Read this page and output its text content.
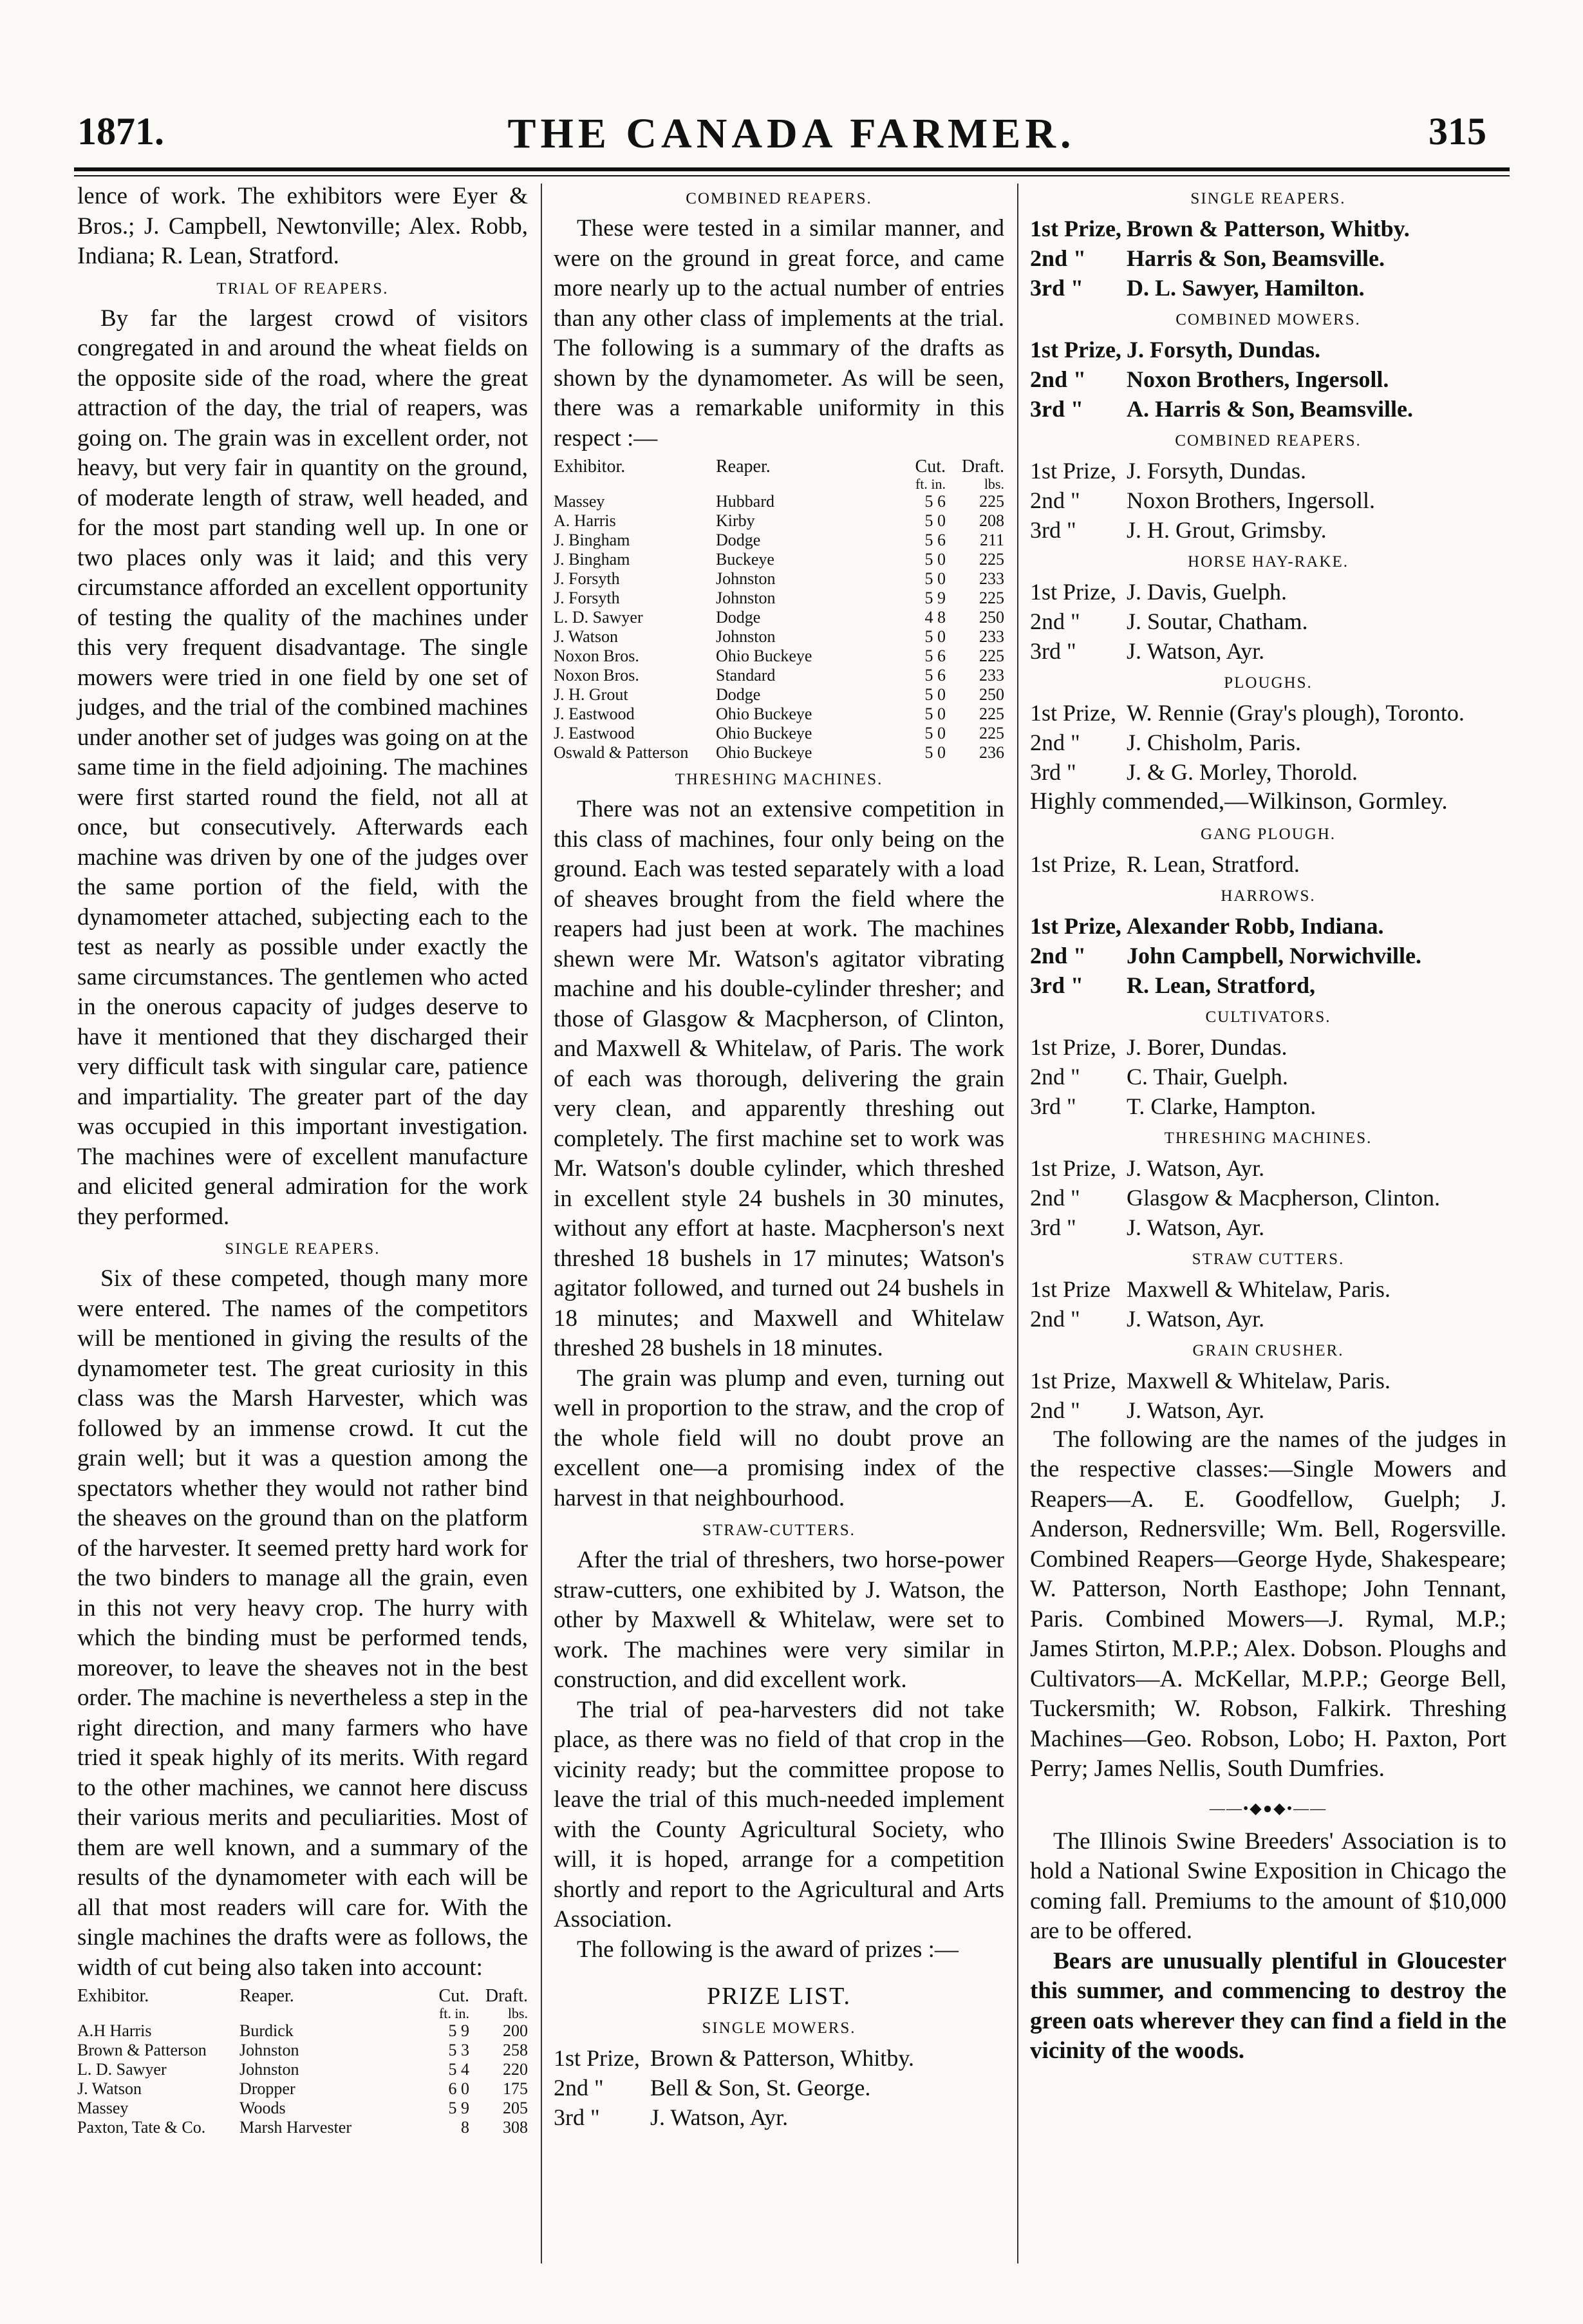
THE CANADA FARMER.
1871.	315

lence of work. The exhibitors were Eyer & Bros.; J. Campbell, Newtonville; Alex. Robb, Indiana; R. Lean, Stratford.

TRIAL OF REAPERS.

By far the largest crowd of visitors congregated in and around the wheat fields on the opposite side of the road, where the great attraction of the day, the trial of reapers, was going on. The grain was in excellent order, not heavy, but very fair in quantity on the ground, of moderate length of straw, well headed, and for the most part standing well up. In one or two places only was it laid; and this very circumstance afforded an excellent opportunity of testing the quality of the machines under this very frequent disadvantage. The single mowers were tried in one field by one set of judges, and the trial of the combined machines under another set of judges was going on at the same time in the field adjoining. The machines were first started round the field, not all at once, but consecutively. Afterwards each machine was driven by one of the judges over the same portion of the field, with the dynamometer attached, subjecting each to the test as nearly as possible under exactly the same circumstances. The gentlemen who acted in the onerous capacity of judges deserve to have it mentioned that they discharged their very difficult task with singular care, patience and impartiality. The greater part of the day was occupied in this important investigation. The machines were of excellent manufacture and elicited general admiration for the work they performed.

SINGLE REAPERS.

Six of these competed, though many more were entered. The names of the competitors will be mentioned in giving the results of the dynamometer test. The great curiosity in this class was the Marsh Harvester, which was followed by an immense crowd. It cut the grain well; but it was a question among the spectators whether they would not rather bind the sheaves on the ground than on the platform of the harvester. It seemed pretty hard work for the two binders to manage all the grain, even in this not very heavy crop. The hurry with which the binding must be performed tends, moreover, to leave the sheaves not in the best order. The machine is nevertheless a step in the right direction, and many farmers who have tried it speak highly of its merits. With regard to the other machines, we cannot here discuss their various merits and peculiarities. Most of them are well known, and a summary of the results of the dynamometer with each will be all that most readers will care for. With the single machines the drafts were as follows, the width of cut being also taken into account:

Exhibitor.	Reaper.	Cut. Draft.
ft. in.	lbs.
A.H Harris	Burdick	5 9	200
Brown & Patterson	Johnston	5 3	258
L. D. Sawyer	Johnston	5 4	220
J. Watson	Dropper	6 0	175
Massey	Woods	5 9	205
Paxton, Tate & Co.	Marsh Harvester	8	308
COMBINED REAPERS.

These were tested in a similar manner, and were on the ground in great force, and came more nearly up to the actual number of entries than any other class of implements at the trial. The following is a summary of the drafts as shown by the dynamometer. As will be seen, there was a remarkable uniformity in this respect :—

Exhibitor.	Reaper.	Cut. Draft.
ft. in.	lbs.
Massey	Hubbard	5 6	225
A. Harris	Kirby	5 0	208
J. Bingham	Dodge	5 6	211
J. Bingham	Buckeye	5 0	225
J. Forsyth	Johnston	5 0	233
J. Forsyth	Johnston	5 9	225
L. D. Sawyer	Dodge	4 8	250
J. Watson	Johnston	5 0	233
Noxon Bros.	Ohio Buckeye	5 6	225
Noxon Bros.	Standard	5 6	233
J. H. Grout	Dodge	5 0	250
J. Eastwood	Ohio Buckeye	5 0	225
J. Eastwood	Ohio Buckeye	5 0	225
Oswald & Patterson	Ohio Buckeye	5 0	236
THRESHING MACHINES.

There was not an extensive competition in this class of machines, four only being on the ground. Each was tested separately with a load of sheaves brought from the field where the reapers had just been at work. The machines shewn were Mr. Watson's agitator vibrating machine and his double-cylinder thresher; and those of Glasgow & Macpherson, of Clinton, and Maxwell & Whitelaw, of Paris. The work of each was thorough, delivering the grain very clean, and apparently threshing out completely. The first machine set to work was Mr. Watson's double cylinder, which threshed in excellent style 24 bushels in 30 minutes, without any effort at haste. Macpherson's next threshed 18 bushels in 17 minutes; Watson's agitator followed, and turned out 24 bushels in 18 minutes; and Maxwell and Whitelaw threshed 28 bushels in 18 minutes.

The grain was plump and even, turning out well in proportion to the straw, and the crop of the whole field will no doubt prove an excellent one—a promising index of the harvest in that neighbourhood.

STRAW-CUTTERS.

After the trial of threshers, two horse-power straw-cutters, one exhibited by J. Watson, the other by Maxwell & Whitelaw, were set to work. The machines were very similar in construction, and did excellent work.

The trial of pea-harvesters did not take place, as there was no field of that crop in the vicinity ready; but the committee propose to leave the trial of this much-needed implement with the County Agricultural Society, who will, it is hoped, arrange for a competition shortly and report to the Agricultural and Arts Association.

The following is the award of prizes :—

PRIZE LIST.
SINGLE MOWERS.
1st Prize, Brown & Patterson, Whitby.
2nd "	Bell & Son, St. George.
3rd "	J. Watson, Ayr.
SINGLE REAPERS.
1st Prize, Brown & Patterson, Whitby.
2nd "	Harris & Son, Beamsville.
3rd "	D. L. Sawyer, Hamilton.
COMBINED MOWERS.
1st Prize, J. Forsyth, Dundas.
2nd "	Noxon Brothers, Ingersoll.
3rd "	A. Harris & Son, Beamsville.
COMBINED REAPERS.
1st Prize, J. Forsyth, Dundas.
2nd "	Noxon Brothers, Ingersoll.
3rd "	J. H. Grout, Grimsby.
HORSE HAY-RAKE.
1st Prize, J. Davis, Guelph.
2nd "	J. Soutar, Chatham.
3rd "	J. Watson, Ayr.
PLOUGHS.
1st Prize, W. Rennie (Gray's plough), Toronto.
2nd "	J. Chisholm, Paris.
3rd "	J. & G. Morley, Thorold.

Highly commended,—Wilkinson, Gormley.

GANG PLOUGH.
1st Prize, R. Lean, Stratford.
HARROWS.
1st Prize, Alexander Robb, Indiana.
2nd "	John Campbell, Norwichville.
3rd "	R. Lean, Stratford,
CULTIVATORS.
1st Prize, J. Borer, Dundas.
2nd "	C. Thair, Guelph.
3rd "	T. Clarke, Hampton.
THRESHING MACHINES.
1st Prize, J. Watson, Ayr.
2nd "	Glasgow & Macpherson, Clinton.
3rd "	J. Watson, Ayr.
STRAW CUTTERS.
1st Prize Maxwell & Whitelaw, Paris.
2nd "	J. Watson, Ayr.
GRAIN CRUSHER.
1st Prize, Maxwell & Whitelaw, Paris.
2nd "	J. Watson, Ayr.

The following are the names of the judges in the respective classes:—Single Mowers and Reapers—A. E. Goodfellow, Guelph; J. Anderson, Rednersville; Wm. Bell, Rogersville. Combined Reapers—George Hyde, Shakespeare; W. Patterson, North Easthope; John Tennant, Paris. Combined Mowers—J. Rymal, M.P.; James Stirton, M.P.P.; Alex. Dobson. Ploughs and Cultivators—A. McKellar, M.P.P.; George Bell, Tuckersmith; W. Robson, Falkirk. Threshing Machines—Geo. Robson, Lobo; H. Paxton, Port Perry; James Nellis, South Dumfries.

——•◆●◆•——

The Illinois Swine Breeders' Association is to hold a National Swine Exposition in Chicago the coming fall. Premiums to the amount of $10,000 are to be offered.

Bears are unusually plentiful in Gloucester this summer, and commencing to destroy the green oats wherever they can find a field in the vicinity of the woods.
